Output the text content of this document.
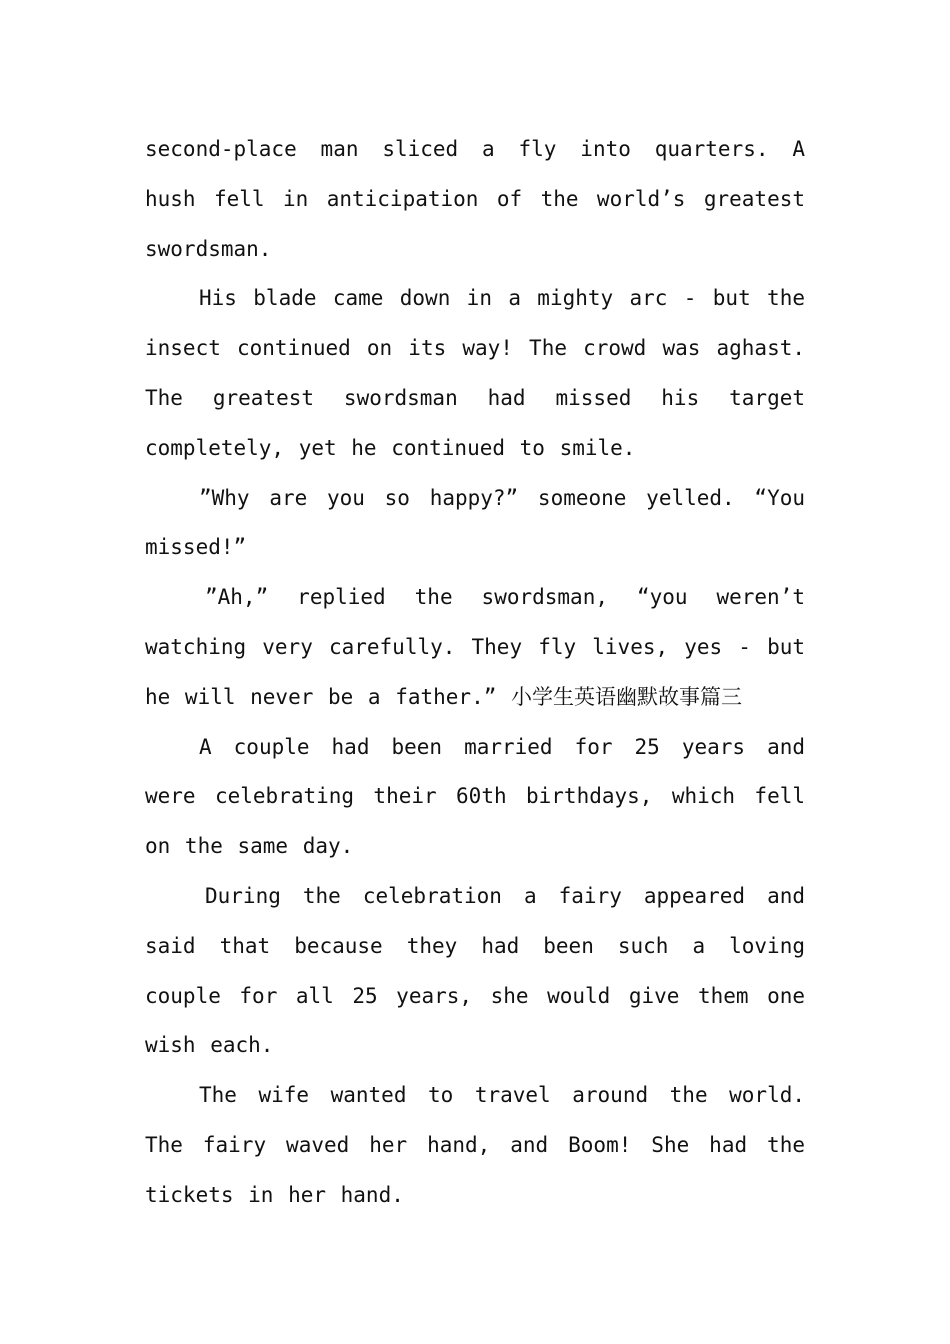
second-place man sliced a fly into quarters. A hush fell in anticipation of the world’s greatest swordsman.

His blade came down in a mighty arc - but the insect continued on its way! The crowd was aghast. The greatest swordsman had missed his target completely, yet he continued to smile.

”Why are you so happy?” someone yelled. “You missed!”

”Ah,” replied the swordsman, “you weren’t watching very carefully. They fly lives, yes - but he will never be a father.” 小学生英语幽默故事篇三

A couple had been married for 25 years and were celebrating their 60th birthdays, which fell on the same day.

During the celebration a fairy appeared and said that because they had been such a loving couple for all 25 years, she would give them one wish each.

The wife wanted to travel around the world. The fairy waved her hand, and Boom! She had the tickets in her hand.
